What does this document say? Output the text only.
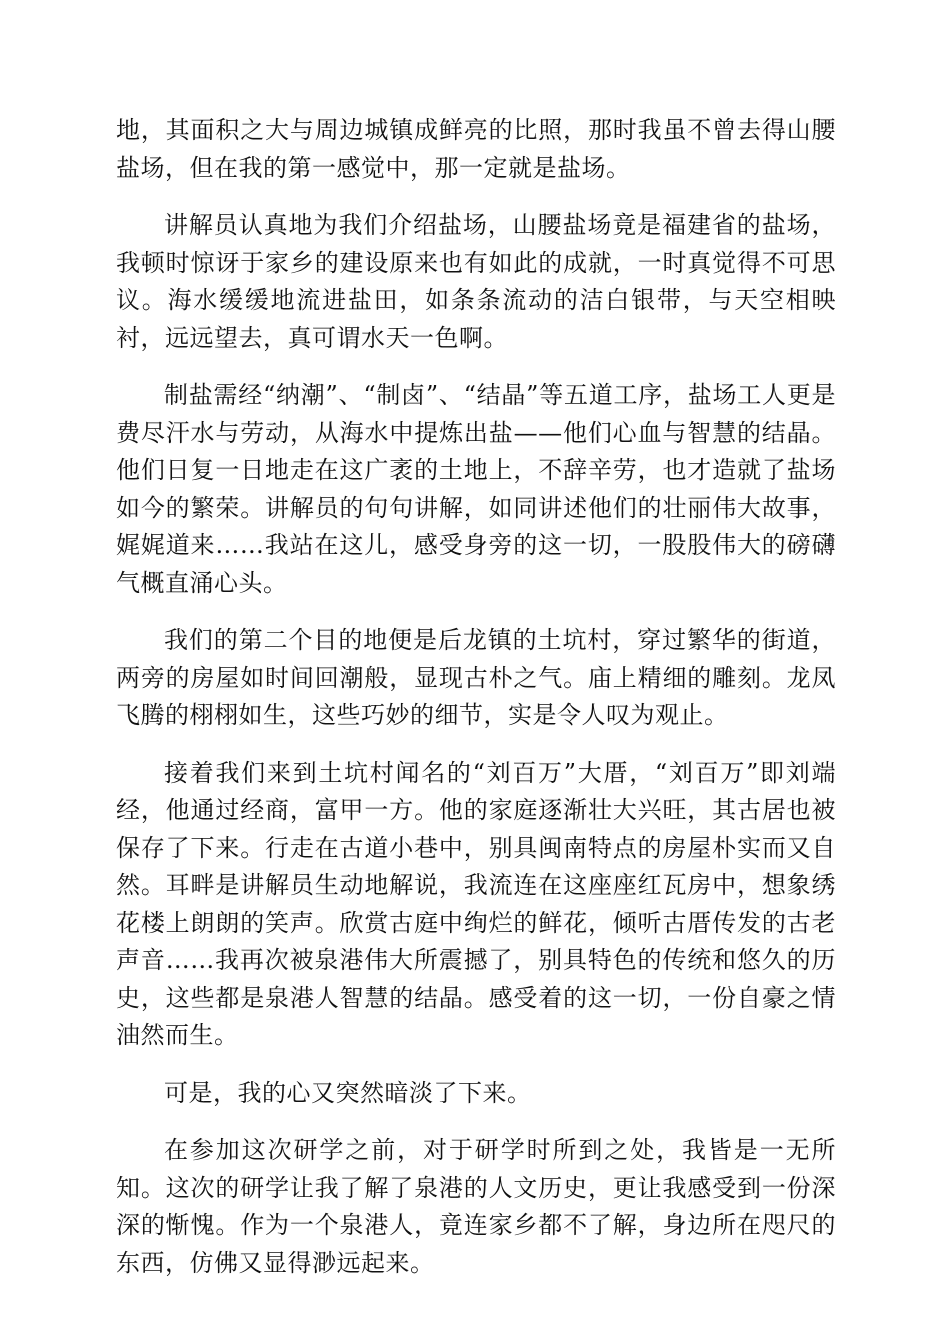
地，其面积之大与周边城镇成鲜亮的比照，那时我虽不曾去得山腰盐场，但在我的第一感觉中，那一定就是盐场。

讲解员认真地为我们介绍盐场，山腰盐场竟是福建省的盐场，我顿时惊讶于家乡的建设原来也有如此的成就，一时真觉得不可思议。海水缓缓地流进盐田，如条条流动的洁白银带，与天空相映衬，远远望去，真可谓水天一色啊。

制盐需经“纳潮”、“制卤”、“结晶”等五道工序，盐场工人更是费尽汗水与劳动，从海水中提炼出盐——他们心血与智慧的结晶。他们日复一日地走在这广袤的土地上，不辞辛劳，也才造就了盐场如今的繁荣。讲解员的句句讲解，如同讲述他们的壮丽伟大故事，娓娓道来……我站在这儿，感受身旁的这一切，一股股伟大的磅礴气概直涌心头。

我们的第二个目的地便是后龙镇的土坑村，穿过繁华的街道，两旁的房屋如时间回潮般，显现古朴之气。庙上精细的雕刻。龙凤飞腾的栩栩如生，这些巧妙的细节，实是令人叹为观止。

接着我们来到土坑村闻名的“刘百万”大厝，“刘百万”即刘端经，他通过经商，富甲一方。他的家庭逐渐壮大兴旺，其古居也被保存了下来。行走在古道小巷中，别具闽南特点的房屋朴实而又自然。耳畔是讲解员生动地解说，我流连在这座座红瓦房中，想象绣花楼上朗朗的笑声。欣赏古庭中绚烂的鲜花，倾听古厝传发的古老声音……我再次被泉港伟大所震撼了，别具特色的传统和悠久的历史，这些都是泉港人智慧的结晶。感受着的这一切，一份自豪之情油然而生。

可是，我的心又突然暗淡了下来。

在参加这次研学之前，对于研学时所到之处，我皆是一无所知。这次的研学让我了解了泉港的人文历史，更让我感受到一份深深的惭愧。作为一个泉港人，竟连家乡都不了解，身边所在咫尺的东西，仿佛又显得渺远起来。
